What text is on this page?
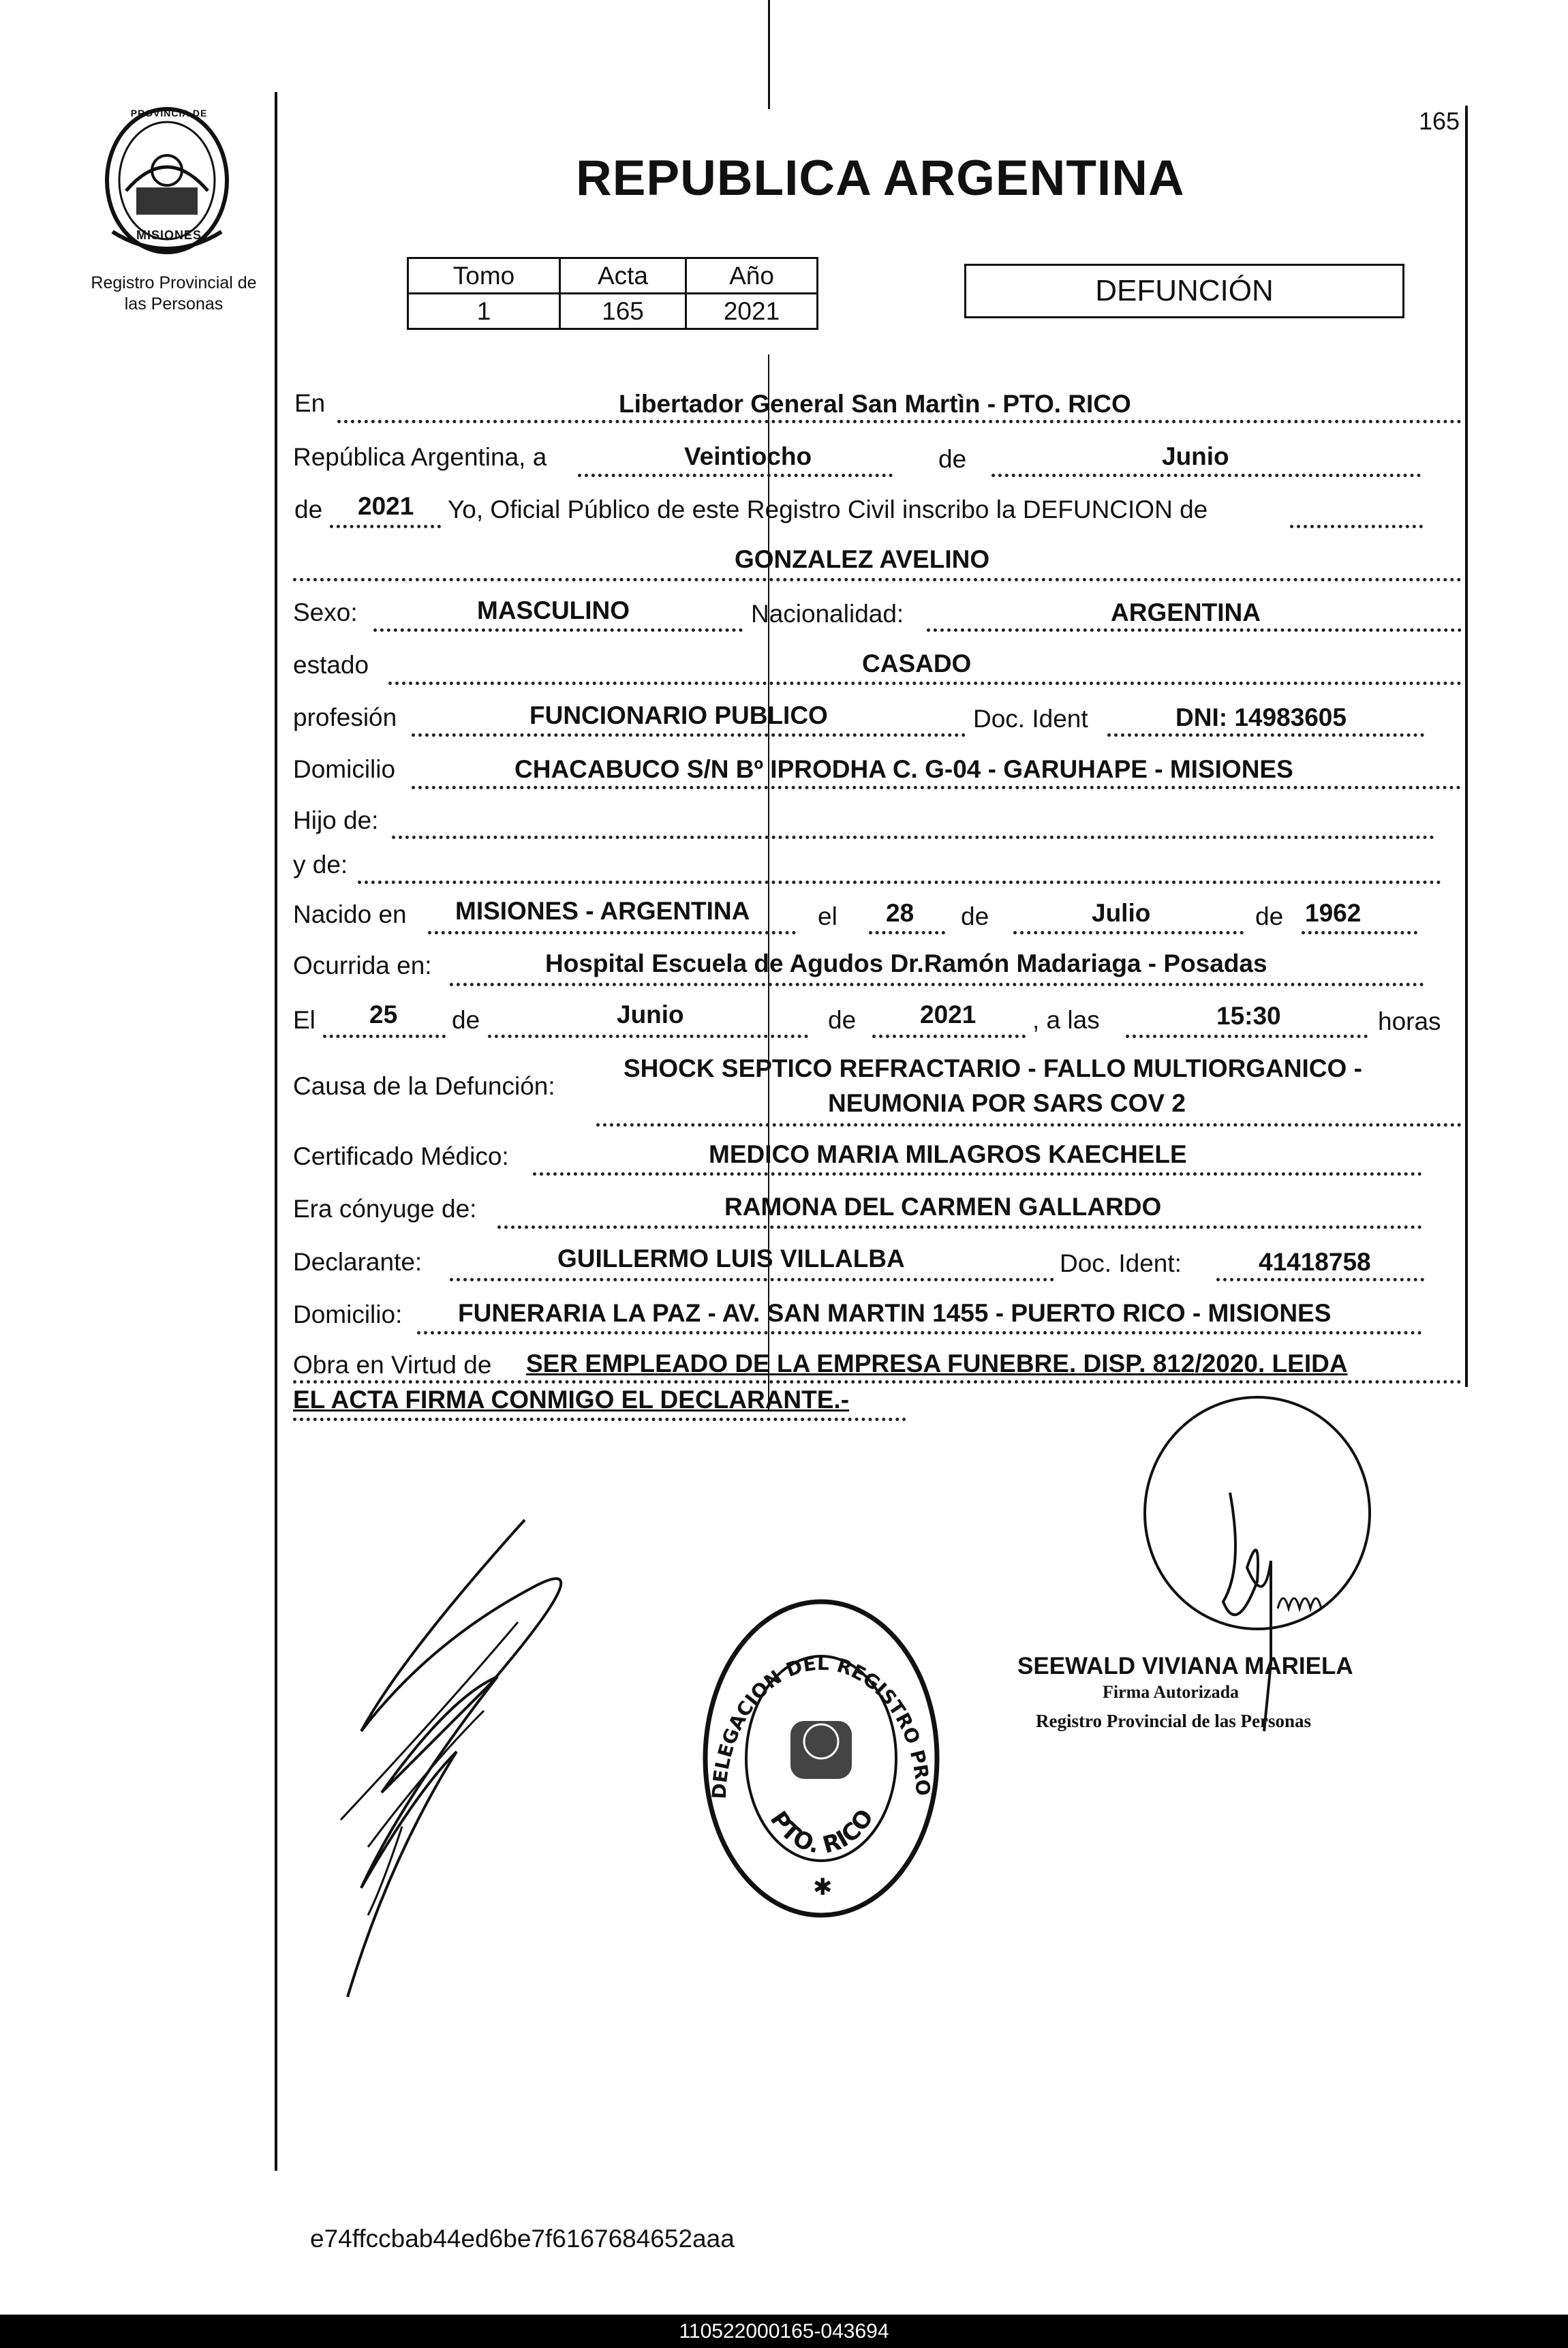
PROVINCIA DE
MISIONES
Registro Provincial de
las Personas
165
REPUBLICA ARGENTINA
Tomo	Acta	Año
1	165	2021
DEFUNCIÓN
En	Libertador General San Martìn - PTO. RICO
República Argentina, a	Veintiocho	de	Junio
de 2021 Yo, Oficial Público de este Registro Civil inscribo la DEFUNCION de
GONZALEZ AVELINO
Sexo:	MASCULINO	Nacionalidad:	ARGENTINA
estado	CASADO
profesión	FUNCIONARIO PUBLICO	Doc. Ident	DNI: 14983605
Domicilio	CHACABUCO S/N Bº IPRODHA C. G-04 - GARUHAPE - MISIONES
Hijo de:
y de:
Nacido en MISIONES - ARGENTINA	el 28 de	Julio	de 1962
Ocurrida en:	Hospital Escuela de Agudos Dr.Ramón Madariaga - Posadas
El 25 de	Junio	de	2021 , a las	15:30	horas
Causa de la Defunción:
SHOCK SEPTICO REFRACTARIO - FALLO MULTIORGANICO -
NEUMONIA POR SARS COV 2
Certificado Médico:	MEDICO MARIA MILAGROS KAECHELE
Era cónyuge de:	RAMONA DEL CARMEN GALLARDO
Declarante:	GUILLERMO LUIS VILLALBA	Doc. Ident:	41418758
Domicilio: FUNERARIA LA PAZ - AV. SAN MARTIN 1455 - PUERTO RICO - MISIONES
Obra en Virtud de SER EMPLEADO DE LA EMPRESA FUNEBRE. DISP. 812/2020. LEIDA
EL ACTA FIRMA CONMIGO EL DECLARANTE.-
DELEGACION DEL REGISTRO PRO
PTO. RICO
✱
SEEWALD VIVIANA MARIELA
Firma Autorizada
Registro Provincial de las Personas
e74ffccbab44ed6be7f6167684652aaa
110522000165-043694
